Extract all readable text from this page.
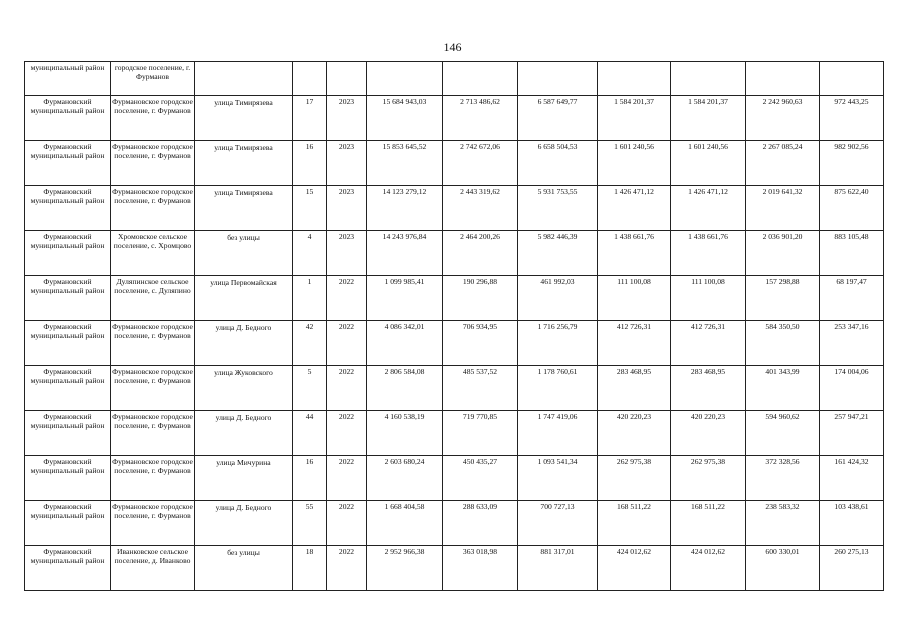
146
муниципальный район	городское поселение, г. Фурманов										
Фурмановский муниципальный район	Фурмановское городское поселение, г. Фурманов	улица Тимирязева	17	2023	15 684 943,03	2 713 486,62	6 587 649,77	1 584 201,37	1 584 201,37	2 242 960,63	972 443,25
Фурмановский муниципальный район	Фурмановское городское поселение, г. Фурманов	улица Тимирязева	16	2023	15 853 645,52	2 742 672,06	6 658 504,53	1 601 240,56	1 601 240,56	2 267 085,24	982 902,56
Фурмановский муниципальный район	Фурмановское городское поселение, г. Фурманов	улица Тимирязева	15	2023	14 123 279,12	2 443 319,62	5 931 753,55	1 426 471,12	1 426 471,12	2 019 641,32	875 622,40
Фурмановский муниципальный район	Хромовское сельское поселение, с. Хромцово	без улицы	4	2023	14 243 976,84	2 464 200,26	5 982 446,39	1 438 661,76	1 438 661,76	2 036 901,20	883 105,48
Фурмановский муниципальный район	Дуляпинское сельское поселение, с. Дуляпино	улица Первомайская	1	2022	1 099 985,41	190 296,88	461 992,03	111 100,08	111 100,08	157 298,88	68 197,47
Фурмановский муниципальный район	Фурмановское городское поселение, г. Фурманов	улица Д. Бедного	42	2022	4 086 342,01	706 934,95	1 716 256,79	412 726,31	412 726,31	584 350,50	253 347,16
Фурмановский муниципальный район	Фурмановское городское поселение, г. Фурманов	улица Жуковского	5	2022	2 806 584,08	485 537,52	1 178 760,61	283 468,95	283 468,95	401 343,99	174 004,06
Фурмановский муниципальный район	Фурмановское городское поселение, г. Фурманов	улица Д. Бедного	44	2022	4 160 538,19	719 770,85	1 747 419,06	420 220,23	420 220,23	594 960,62	257 947,21
Фурмановский муниципальный район	Фурмановское городское поселение, г. Фурманов	улица Мичурина	16	2022	2 603 680,24	450 435,27	1 093 541,34	262 975,38	262 975,38	372 328,56	161 424,32
Фурмановский муниципальный район	Фурмановское городское поселение, г. Фурманов	улица Д. Бедного	55	2022	1 668 404,58	288 633,09	700 727,13	168 511,22	168 511,22	238 583,32	103 438,61
Фурмановский муниципальный район	Иванковское сельское поселение, д. Иванково	без улицы	18	2022	2 952 966,38	363 018,98	881 317,01	424 012,62	424 012,62	600 330,01	260 275,13
